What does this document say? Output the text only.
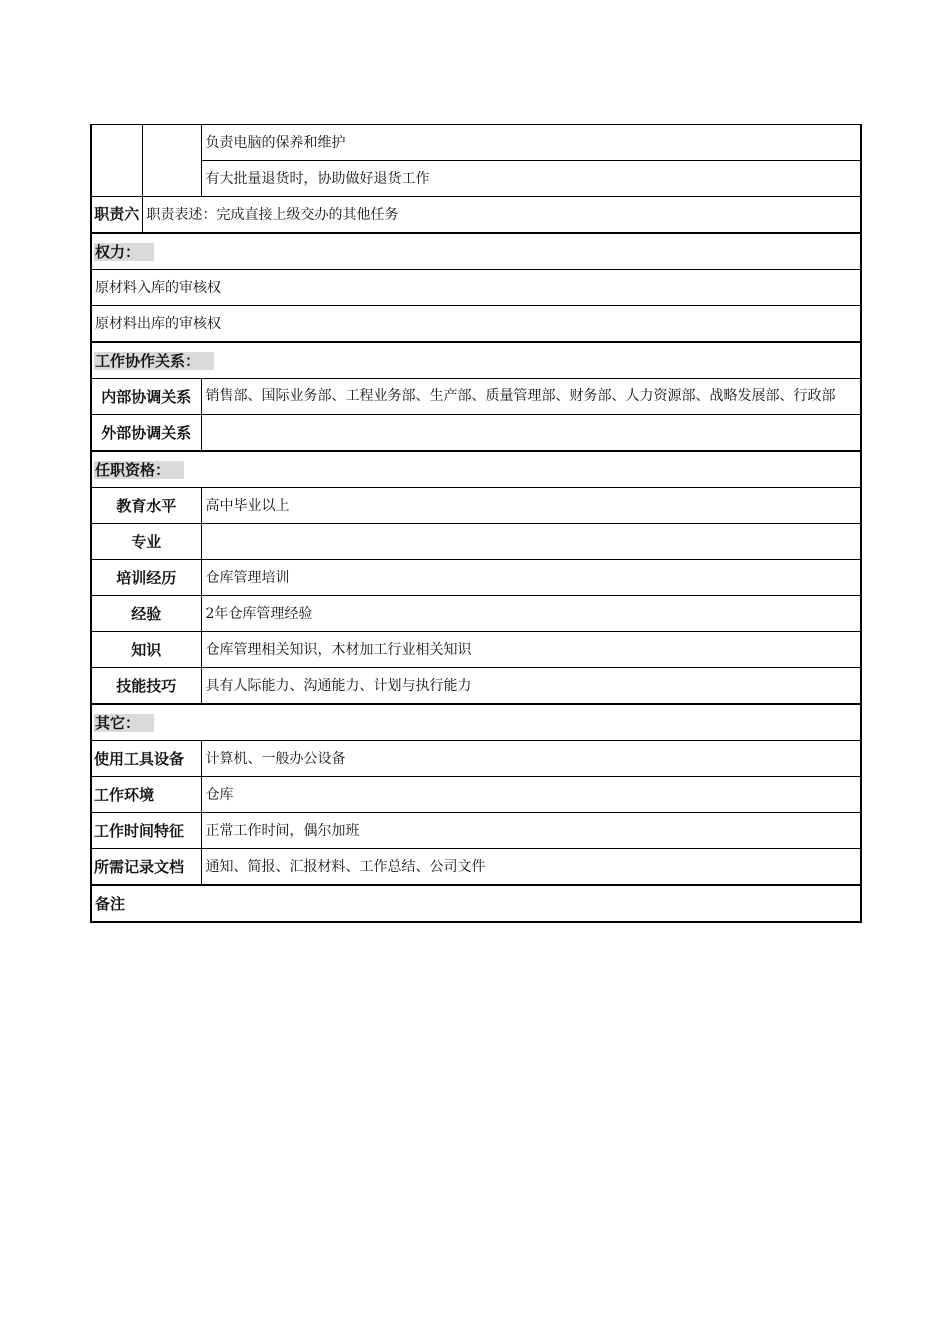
		负责电脑的保养和维护
		有大批量退货时，协助做好退货工作
职责六	职责表述：完成直接上级交办的其他任务	
权力：		
原材料入库的审核权		
原材料出库的审核权		
工作协作关系：		
内部协调关系		销售部、国际业务部、工程业务部、生产部、质量管理部、财务部、人力资源部、战略发展部、行政部
外部协调关系		
任职资格：		
教育水平		高中毕业以上
专业		
培训经历		仓库管理培训
经验		2年仓库管理经验
知识		仓库管理相关知识，木材加工行业相关知识
技能技巧		具有人际能力、沟通能力、计划与执行能力
其它：		
使用工具设备		计算机、一般办公设备
工作环境		仓库
工作时间特征		正常工作时间，偶尔加班
所需记录文档		通知、简报、汇报材料、工作总结、公司文件
备注		
